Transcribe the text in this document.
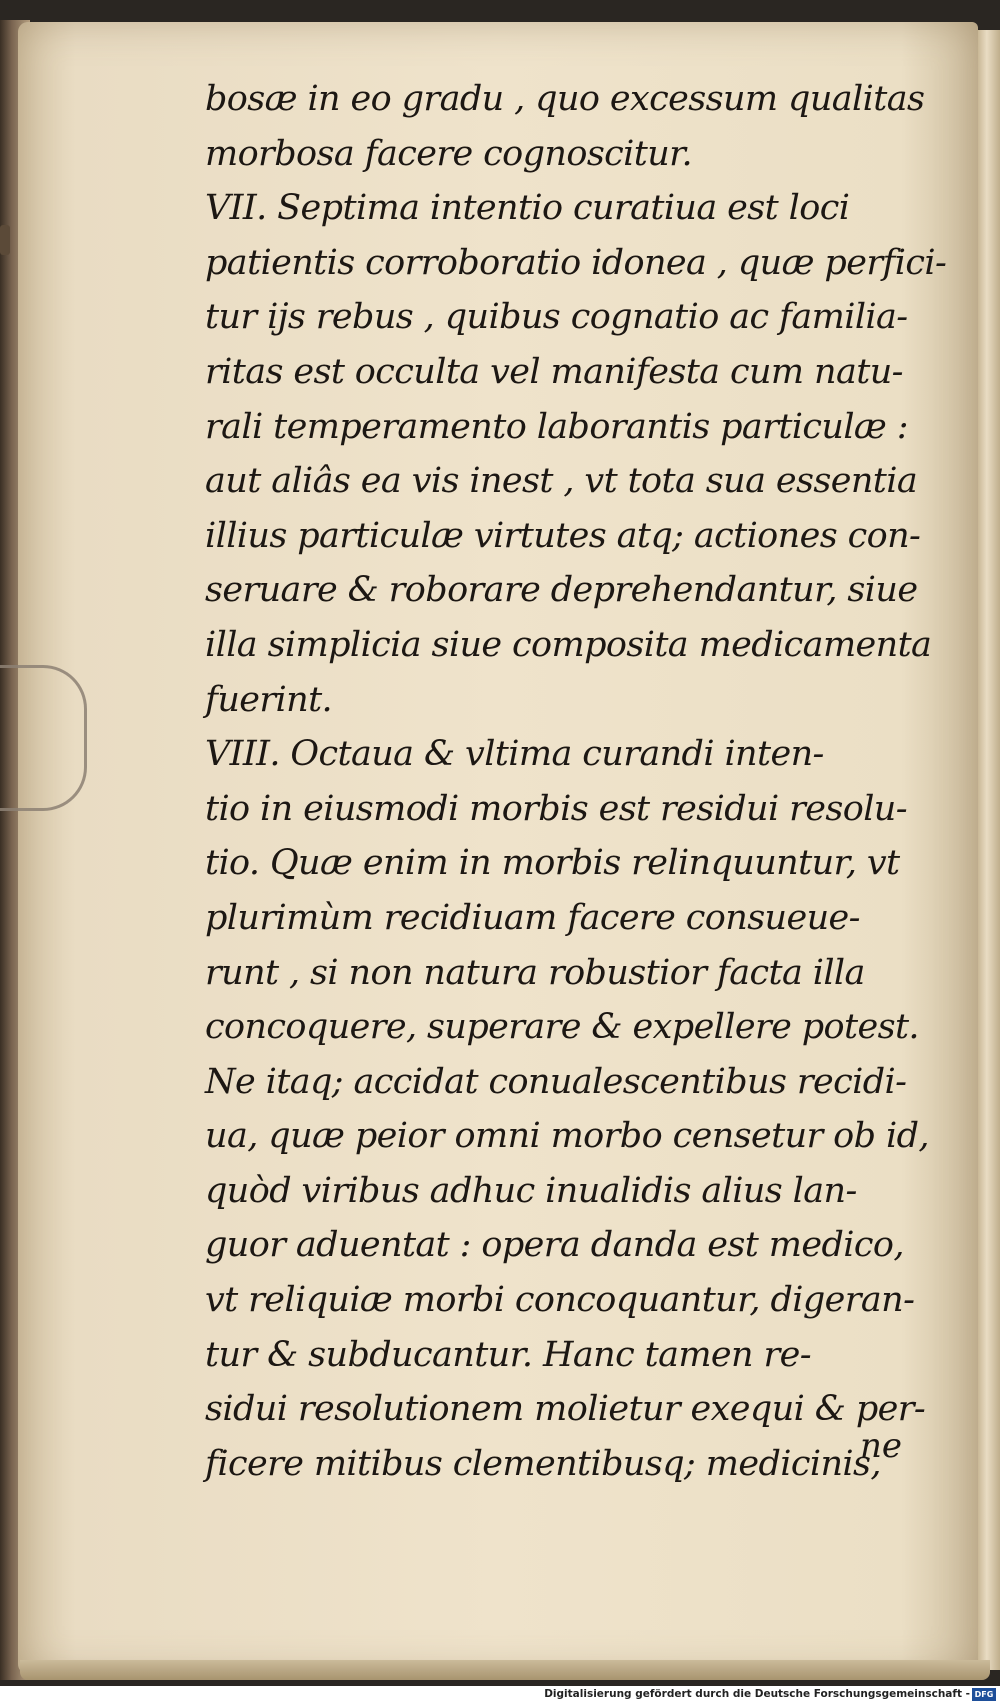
bosæ in eo gradu , quo excessum qualitas
morbosa facere cognoscitur.
VII. Septima intentio curatiua est loci
patientis corroboratio idonea , quæ perfici-
tur ijs rebus , quibus cognatio ac familia-
ritas est occulta vel manifesta cum natu-
rali temperamento laborantis particulæ :
aut aliâs ea vis inest , vt tota sua essentia
illius particulæ virtutes atq; actiones con-
seruare & roborare deprehendantur, siue
illa simplicia siue composita medicamenta
fuerint.
VIII. Octaua & vltima curandi inten-
tio in eiusmodi morbis est residui resolu-
tio. Quæ enim in morbis relinquuntur, vt
plurimùm recidiuam facere consueue-
runt , si non natura robustior facta illa
concoquere, superare & expellere potest.
Ne itaq; accidat conualescentibus recidi-
ua, quæ peior omni morbo censetur ob id,
quòd viribus adhuc inualidis alius lan-
guor aduentat : opera danda est medico,
vt reliquiæ morbi concoquantur, digeran-
tur & subducantur. Hanc tamen re-
sidui resolutionem molietur exequi & per-
ficere mitibus clementibusq; medicinis,
ne
Digitalisierung gefördert durch die Deutsche Forschungsgemeinschaft - DFG
